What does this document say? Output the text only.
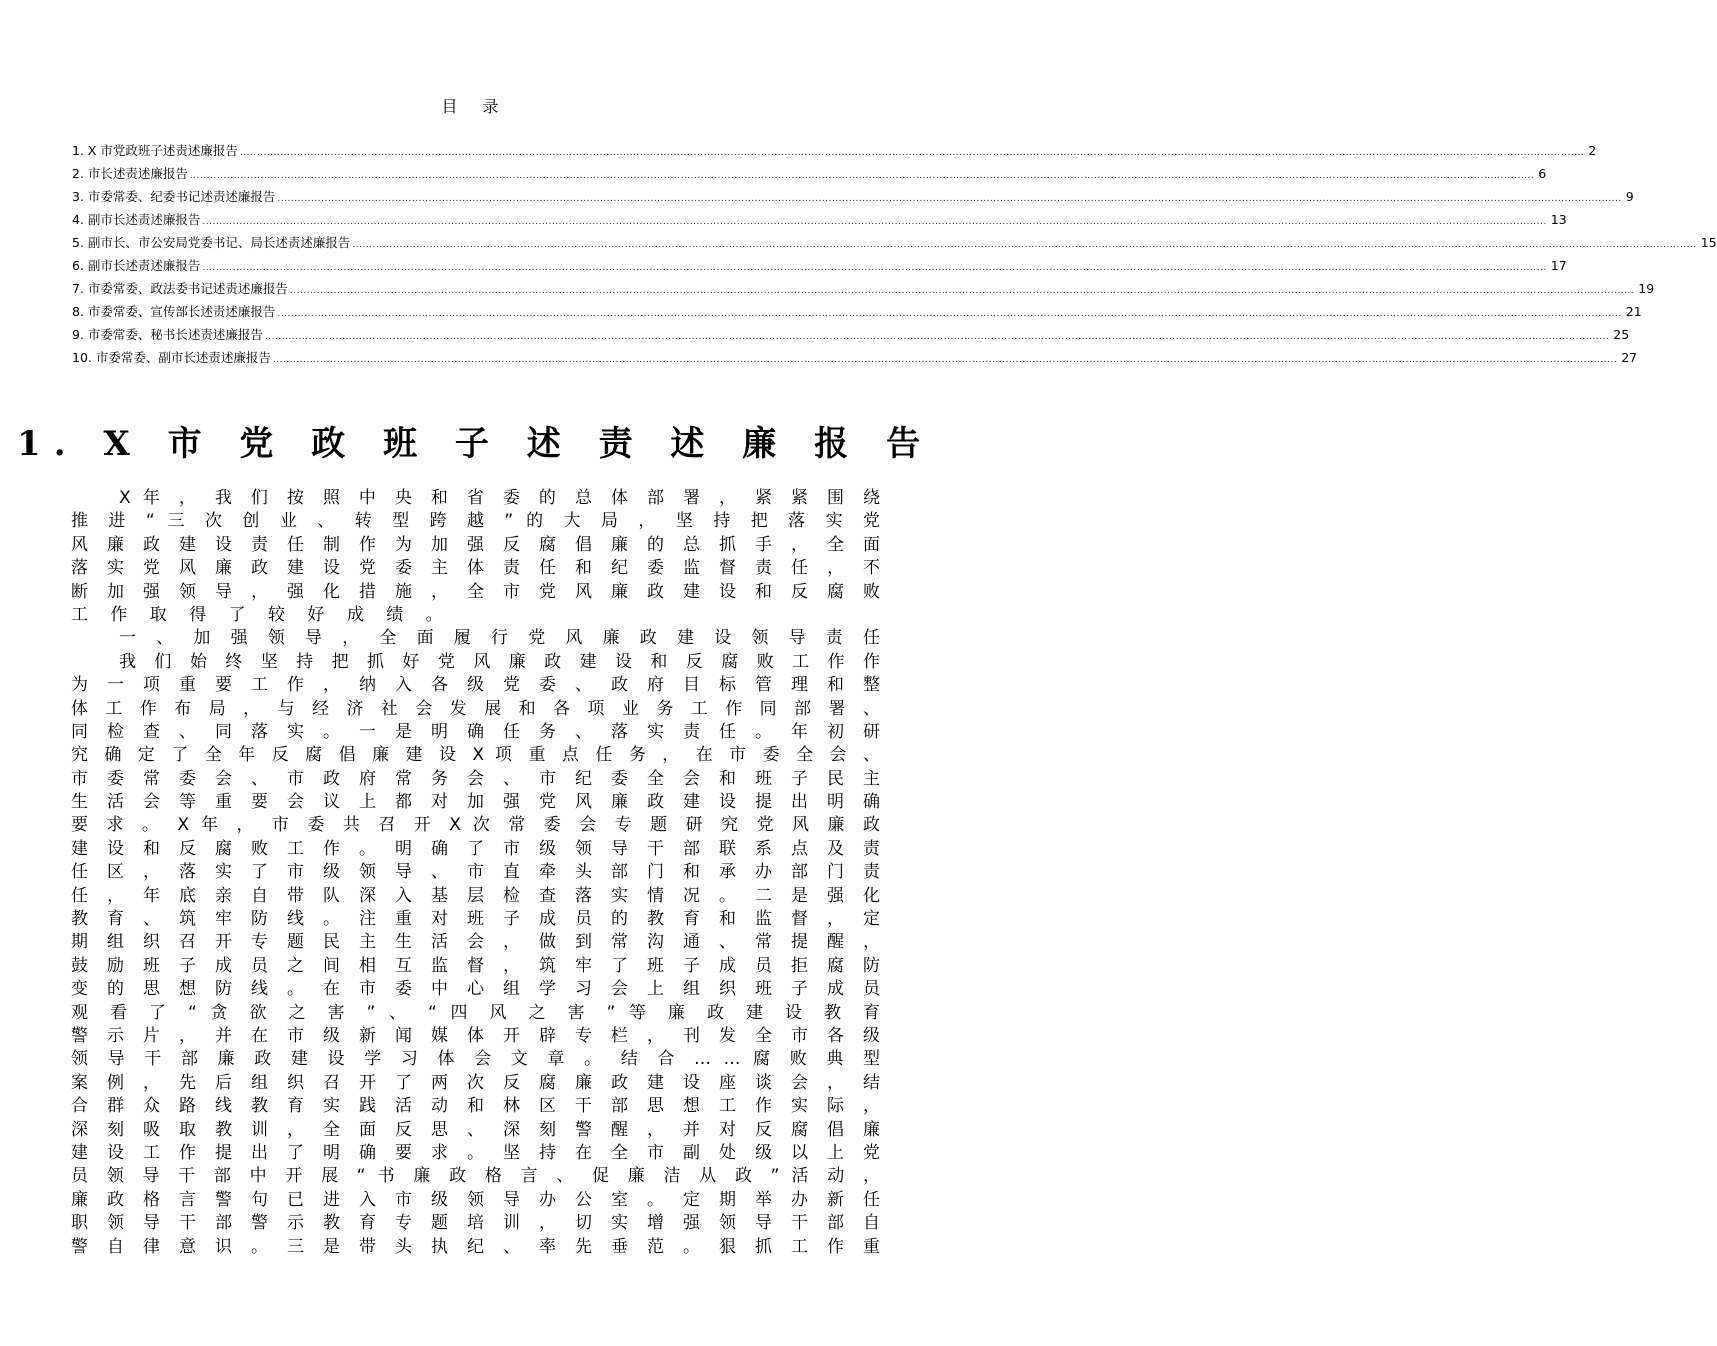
目 录
1. X 市党政班子述责述廉报告 ................................................................................................................................................................................................................................................................................................................................................................................................................ 2
2. 市长述责述廉报告 ................................................................................................................................................................................................................................................................................................................................................................................................................ 6
3. 市委常委、纪委书记述责述廉报告 ................................................................................................................................................................................................................................................................................................................................................................................................................ 9
4. 副市长述责述廉报告 ................................................................................................................................................................................................................................................................................................................................................................................................................ 13
5. 副市长、市公安局党委书记、局长述责述廉报告 ................................................................................................................................................................................................................................................................................................................................................................................................................ 15
6. 副市长述责述廉报告 ................................................................................................................................................................................................................................................................................................................................................................................................................ 17
7. 市委常委、政法委书记述责述廉报告 ................................................................................................................................................................................................................................................................................................................................................................................................................ 19
8. 市委常委、宣传部长述责述廉报告 ................................................................................................................................................................................................................................................................................................................................................................................................................ 21
9. 市委常委、秘书长述责述廉报告 ................................................................................................................................................................................................................................................................................................................................................................................................................ 25
10. 市委常委、副市长述责述廉报告 ................................................................................................................................................................................................................................................................................................................................................................................................................ 27
1. X 市 党 政 班 子 述 责 述 廉 报 告
X 年 ， 我 们 按 照 中 央 和 省 委 的 总 体 部 署 ， 紧 紧 围 绕
推 进 “ 三 次 创 业 、 转 型 跨 越 ” 的 大 局 ， 坚 持 把 落 实 党
风 廉 政 建 设 责 任 制 作 为 加 强 反 腐 倡 廉 的 总 抓 手 ， 全 面
落 实 党 风 廉 政 建 设 党 委 主 体 责 任 和 纪 委 监 督 责 任 ， 不
断 加 强 领 导 ， 强 化 措 施 ， 全 市 党 风 廉 政 建 设 和 反 腐 败
工 作 取 得 了 较 好 成 绩 。
一 、 加 强 领 导 ， 全 面 履 行 党 风 廉 政 建 设 领 导 责 任
我 们 始 终 坚 持 把 抓 好 党 风 廉 政 建 设 和 反 腐 败 工 作 作
为 一 项 重 要 工 作 ， 纳 入 各 级 党 委 、 政 府 目 标 管 理 和 整
体 工 作 布 局 ， 与 经 济 社 会 发 展 和 各 项 业 务 工 作 同 部 署 、
同 检 查 、 同 落 实 。 一 是 明 确 任 务 、 落 实 责 任 。 年 初 研
究 确 定 了 全 年 反 腐 倡 廉 建 设 X 项 重 点 任 务 ， 在 市 委 全 会 、
市 委 常 委 会 、 市 政 府 常 务 会 、 市 纪 委 全 会 和 班 子 民 主
生 活 会 等 重 要 会 议 上 都 对 加 强 党 风 廉 政 建 设 提 出 明 确
要 求 。 X 年 ， 市 委 共 召 开 X 次 常 委 会 专 题 研 究 党 风 廉 政
建 设 和 反 腐 败 工 作 。 明 确 了 市 级 领 导 干 部 联 系 点 及 责
任 区 ， 落 实 了 市 级 领 导 、 市 直 牵 头 部 门 和 承 办 部 门 责
任 ， 年 底 亲 自 带 队 深 入 基 层 检 查 落 实 情 况 。 二 是 强 化
教 育 、 筑 牢 防 线 。 注 重 对 班 子 成 员 的 教 育 和 监 督 ， 定
期 组 织 召 开 专 题 民 主 生 活 会 ， 做 到 常 沟 通 、 常 提 醒 ，
鼓 励 班 子 成 员 之 间 相 互 监 督 ， 筑 牢 了 班 子 成 员 拒 腐 防
变 的 思 想 防 线 。 在 市 委 中 心 组 学 习 会 上 组 织 班 子 成 员
观 看 了 “ 贪 欲 之 害 ” 、 “ 四 风 之 害 ” 等 廉 政 建 设 教 育
警 示 片 ， 并 在 市 级 新 闻 媒 体 开 辟 专 栏 ， 刊 发 全 市 各 级
领 导 干 部 廉 政 建 设 学 习 体 会 文 章 。 结 合 … … 腐 败 典 型
案 例 ， 先 后 组 织 召 开 了 两 次 反 腐 廉 政 建 设 座 谈 会 ， 结
合 群 众 路 线 教 育 实 践 活 动 和 林 区 干 部 思 想 工 作 实 际 ，
深 刻 吸 取 教 训 ， 全 面 反 思 、 深 刻 警 醒 ， 并 对 反 腐 倡 廉
建 设 工 作 提 出 了 明 确 要 求 。 坚 持 在 全 市 副 处 级 以 上 党
员 领 导 干 部 中 开 展 “ 书 廉 政 格 言 、 促 廉 洁 从 政 ” 活 动 ，
廉 政 格 言 警 句 已 进 入 市 级 领 导 办 公 室 。 定 期 举 办 新 任
职 领 导 干 部 警 示 教 育 专 题 培 训 ， 切 实 增 强 领 导 干 部 自
警 自 律 意 识 。 三 是 带 头 执 纪 、 率 先 垂 范 。 狠 抓 工 作 重
